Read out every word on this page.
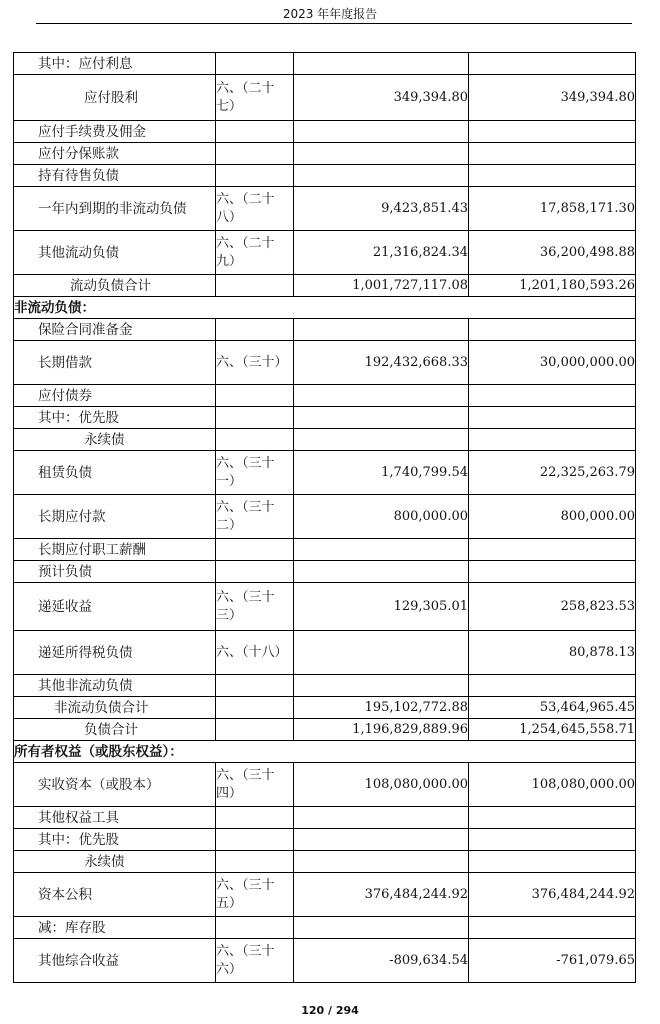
2023 年年度报告
其中：应付利息			
应付股利	六、（二十七）	349,394.80	349,394.80
应付手续费及佣金			
应付分保账款			
持有待售负债			
一年内到期的非流动负债	六、（二十八）	9,423,851.43	17,858,171.30
其他流动负债	六、（二十九）	21,316,824.34	36,200,498.88
流动负债合计		1,001,727,117.08	1,201,180,593.26
非流动负债：			
保险合同准备金			
长期借款	六、（三十）	192,432,668.33	30,000,000.00
应付债券			
其中：优先股			
永续债			
租赁负债	六、（三十一）	1,740,799.54	22,325,263.79
长期应付款	六、（三十二）	800,000.00	800,000.00
长期应付职工薪酬			
预计负债			
递延收益	六、（三十三）	129,305.01	258,823.53
递延所得税负债	六、（十八）		80,878.13
其他非流动负债			
非流动负债合计		195,102,772.88	53,464,965.45
负债合计		1,196,829,889.96	1,254,645,558.71
所有者权益（或股东权益）：			
实收资本（或股本）	六、（三十四）	108,080,000.00	108,080,000.00
其他权益工具			
其中：优先股			
永续债			
资本公积	六、（三十五）	376,484,244.92	376,484,244.92
减：库存股			
其他综合收益	六、（三十六）	-809,634.54	-761,079.65
120 / 294
